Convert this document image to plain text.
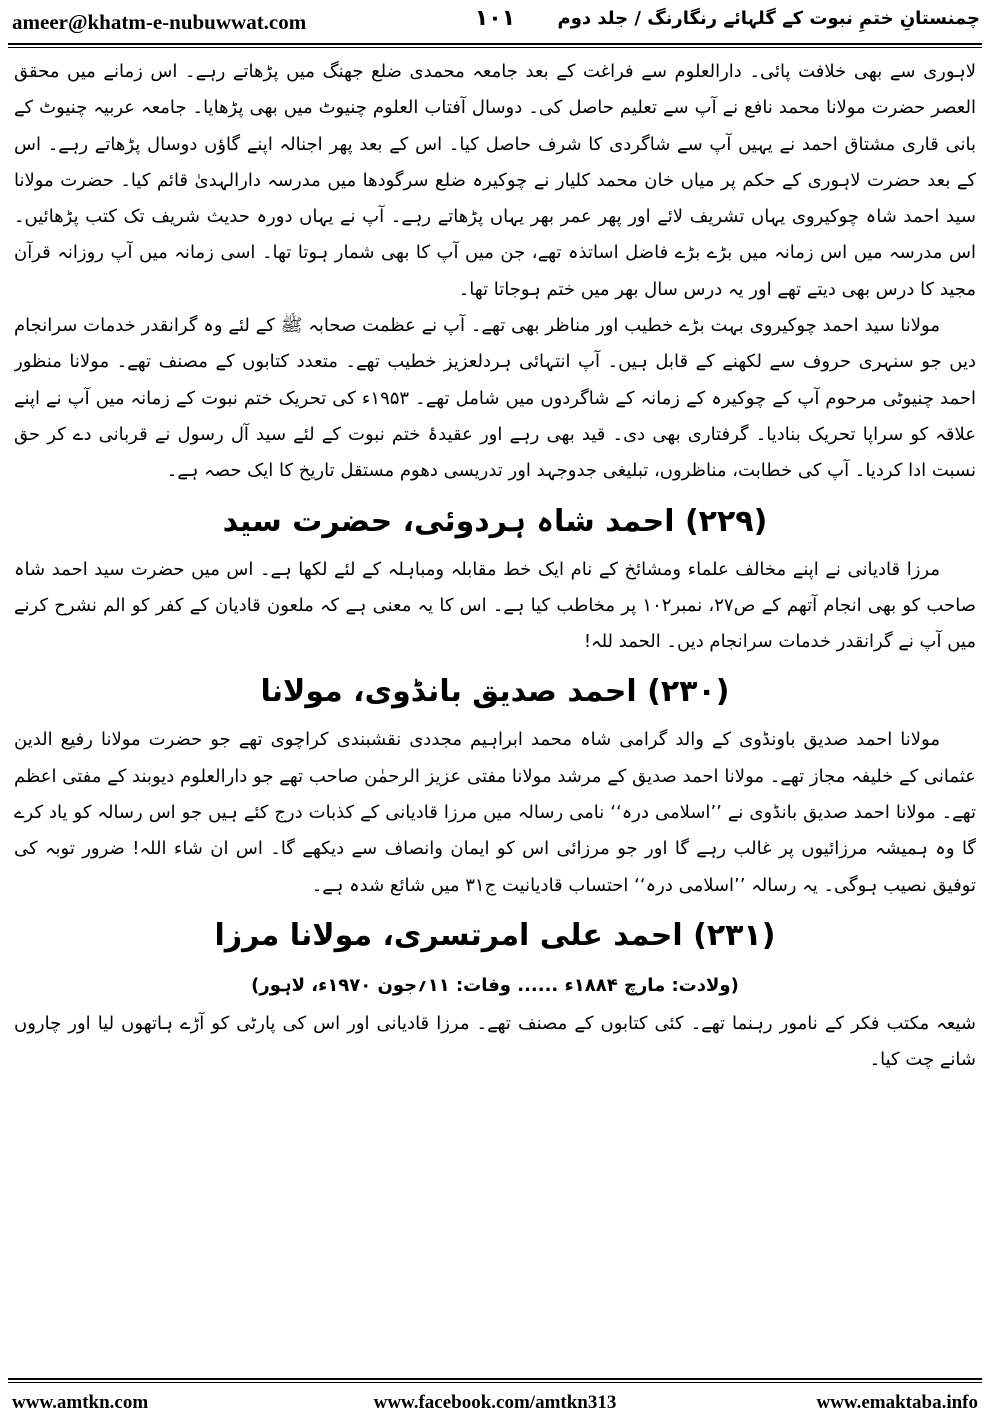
ameer@khatm-e-nubuwwat.com	۱۰۱	چمنستانِ ختمِ نبوت کے گلہائے رنگارنگ / جلد دوم

لاہوری سے بھی خلافت پائی۔ دارالعلوم سے فراغت کے بعد جامعہ محمدی ضلع جھنگ میں پڑھاتے رہے۔ اس زمانے میں محقق العصر حضرت مولانا محمد نافع نے آپ سے تعلیم حاصل کی۔ دوسال آفتاب العلوم چنیوٹ میں بھی پڑھایا۔ جامعہ عربیہ چنیوٹ کے بانی قاری مشتاق احمد نے یہیں آپ سے شاگردی کا شرف حاصل کیا۔ اس کے بعد پھر اجنالہ اپنے گاؤں دوسال پڑھاتے رہے۔ اس کے بعد حضرت لاہوری کے حکم پر میاں خان محمد کلیار نے چوکیرہ ضلع سرگودھا میں مدرسہ دارالہدیٰ قائم کیا۔ حضرت مولانا سید احمد شاہ چوکیروی یہاں تشریف لائے اور پھر عمر بھر یہاں پڑھاتے رہے۔ آپ نے یہاں دورہ حدیث شریف تک کتب پڑھائیں۔ اس مدرسہ میں اس زمانہ میں بڑے بڑے فاضل اساتذہ تھے، جن میں آپ کا بھی شمار ہوتا تھا۔ اسی زمانہ میں آپ روزانہ قرآن مجید کا درس بھی دیتے تھے اور یہ درس سال بھر میں ختم ہوجاتا تھا۔

مولانا سید احمد چوکیروی بہت بڑے خطیب اور مناظر بھی تھے۔ آپ نے عظمت صحابہ ﷺ کے لئے وہ گرانقدر خدمات سرانجام دیں جو سنہری حروف سے لکھنے کے قابل ہیں۔ آپ انتہائی ہردلعزیز خطیب تھے۔ متعدد کتابوں کے مصنف تھے۔ مولانا منظور احمد چنیوٹی مرحوم آپ کے چوکیرہ کے زمانہ کے شاگردوں میں شامل تھے۔ ۱۹۵۳ء کی تحریک ختم نبوت کے زمانہ میں آپ نے اپنے علاقہ کو سراپا تحریک بنادیا۔ گرفتاری بھی دی۔ قید بھی رہے اور عقیدۂ ختم نبوت کے لئے سید آل رسول نے قربانی دے کر حق نسبت ادا کردیا۔ آپ کی خطابت، مناظروں، تبلیغی جدوجہد اور تدریسی دھوم مستقل تاریخ کا ایک حصہ ہے۔

(۲۲۹) احمد شاہ ہردوئی، حضرت سید

مرزا قادیانی نے اپنے مخالف علماء ومشائخ کے نام ایک خط مقابلہ ومباہلہ کے لئے لکھا ہے۔ اس میں حضرت سید احمد شاہ صاحب کو بھی انجام آتھم کے ص۲۷، نمبر۱۰۲ پر مخاطب کیا ہے۔ اس کا یہ معنی ہے کہ ملعون قادیان کے کفر کو الم نشرح کرنے میں آپ نے گرانقدر خدمات سرانجام دیں۔ الحمد للہ!

(۲۳۰) احمد صدیق بانڈوی، مولانا

مولانا احمد صدیق باونڈوی کے والد گرامی شاہ محمد ابراہیم مجددی نقشبندی کراچوی تھے جو حضرت مولانا رفیع الدین عثمانی کے خلیفہ مجاز تھے۔ مولانا احمد صدیق کے مرشد مولانا مفتی عزیز الرحمٰن صاحب تھے جو دارالعلوم دیوبند کے مفتی اعظم تھے۔ مولانا احمد صدیق بانڈوی نے ’’اسلامی درہ‘‘ نامی رسالہ میں مرزا قادیانی کے کذبات درج کئے ہیں جو اس رسالہ کو یاد کرے گا وہ ہمیشہ مرزائیوں پر غالب رہے گا اور جو مرزائی اس کو ایمان وانصاف سے دیکھے گا۔ اس ان شاء اللہ! ضرور توبہ کی توفیق نصیب ہوگی۔ یہ رسالہ ’’اسلامی درہ‘‘ احتساب قادیانیت ج۳۱ میں شائع شدہ ہے۔

(۲۳۱) احمد علی امرتسری، مولانا مرزا
(ولادت: مارچ ۱۸۸۴ء ...... وفات: ۱۱؍جون ۱۹۷۰ء، لاہور)

شیعہ مکتب فکر کے نامور رہنما تھے۔ کئی کتابوں کے مصنف تھے۔ مرزا قادیانی اور اس کی پارٹی کو آڑے ہاتھوں لیا اور چاروں شانے چت کیا۔

www.amtkn.com	www.facebook.com/amtkn313	www.emaktaba.info
